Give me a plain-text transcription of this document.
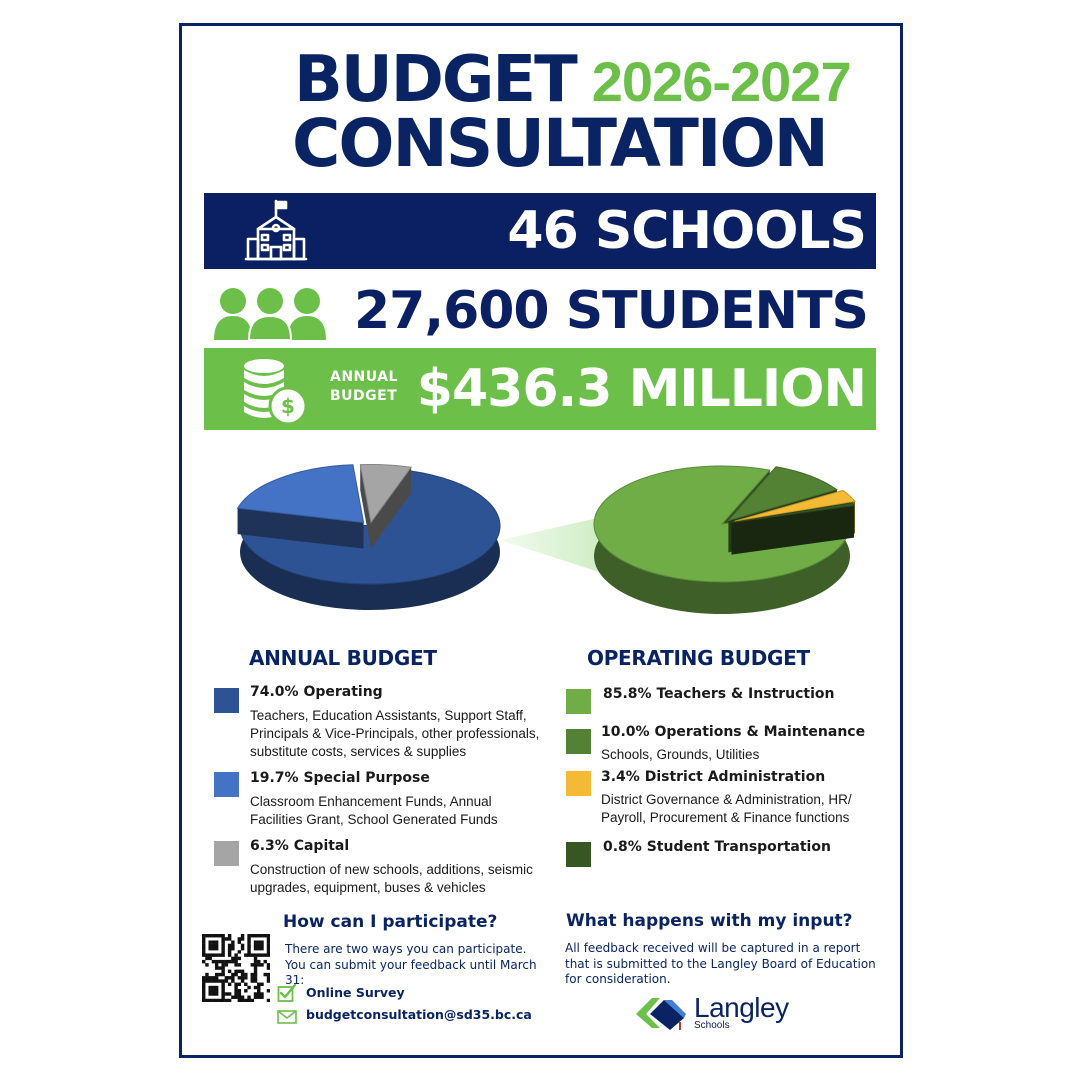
BUDGET 2026-2027
CONSULTATION
46 SCHOOLS
27,600 STUDENTS
$
ANNUAL
BUDGET $436.3 MILLION
ANNUAL BUDGET
74.0% Operating
Teachers, Education Assistants, Support Staff, Principals & Vice-Principals, other professionals, substitute costs, services & supplies
19.7% Special Purpose
Classroom Enhancement Funds, Annual Facilities Grant, School Generated Funds
6.3% Capital
Construction of new schools, additions, seismic upgrades, equipment, buses & vehicles
OPERATING BUDGET
85.8% Teachers & Instruction
10.0% Operations & Maintenance
Schools, Grounds, Utilities
3.4% District Administration
District Governance & Administration, HR/ Payroll, Procurement & Finance functions
0.8% Student Transportation
How can I participate?
There are two ways you can participate. You can submit your feedback until March 31:
Online Survey
budgetconsultation@sd35.bc.ca
What happens with my input?
All feedback received will be captured in a report that is submitted to the Langley Board of Education for consideration.
Langley
Schools
